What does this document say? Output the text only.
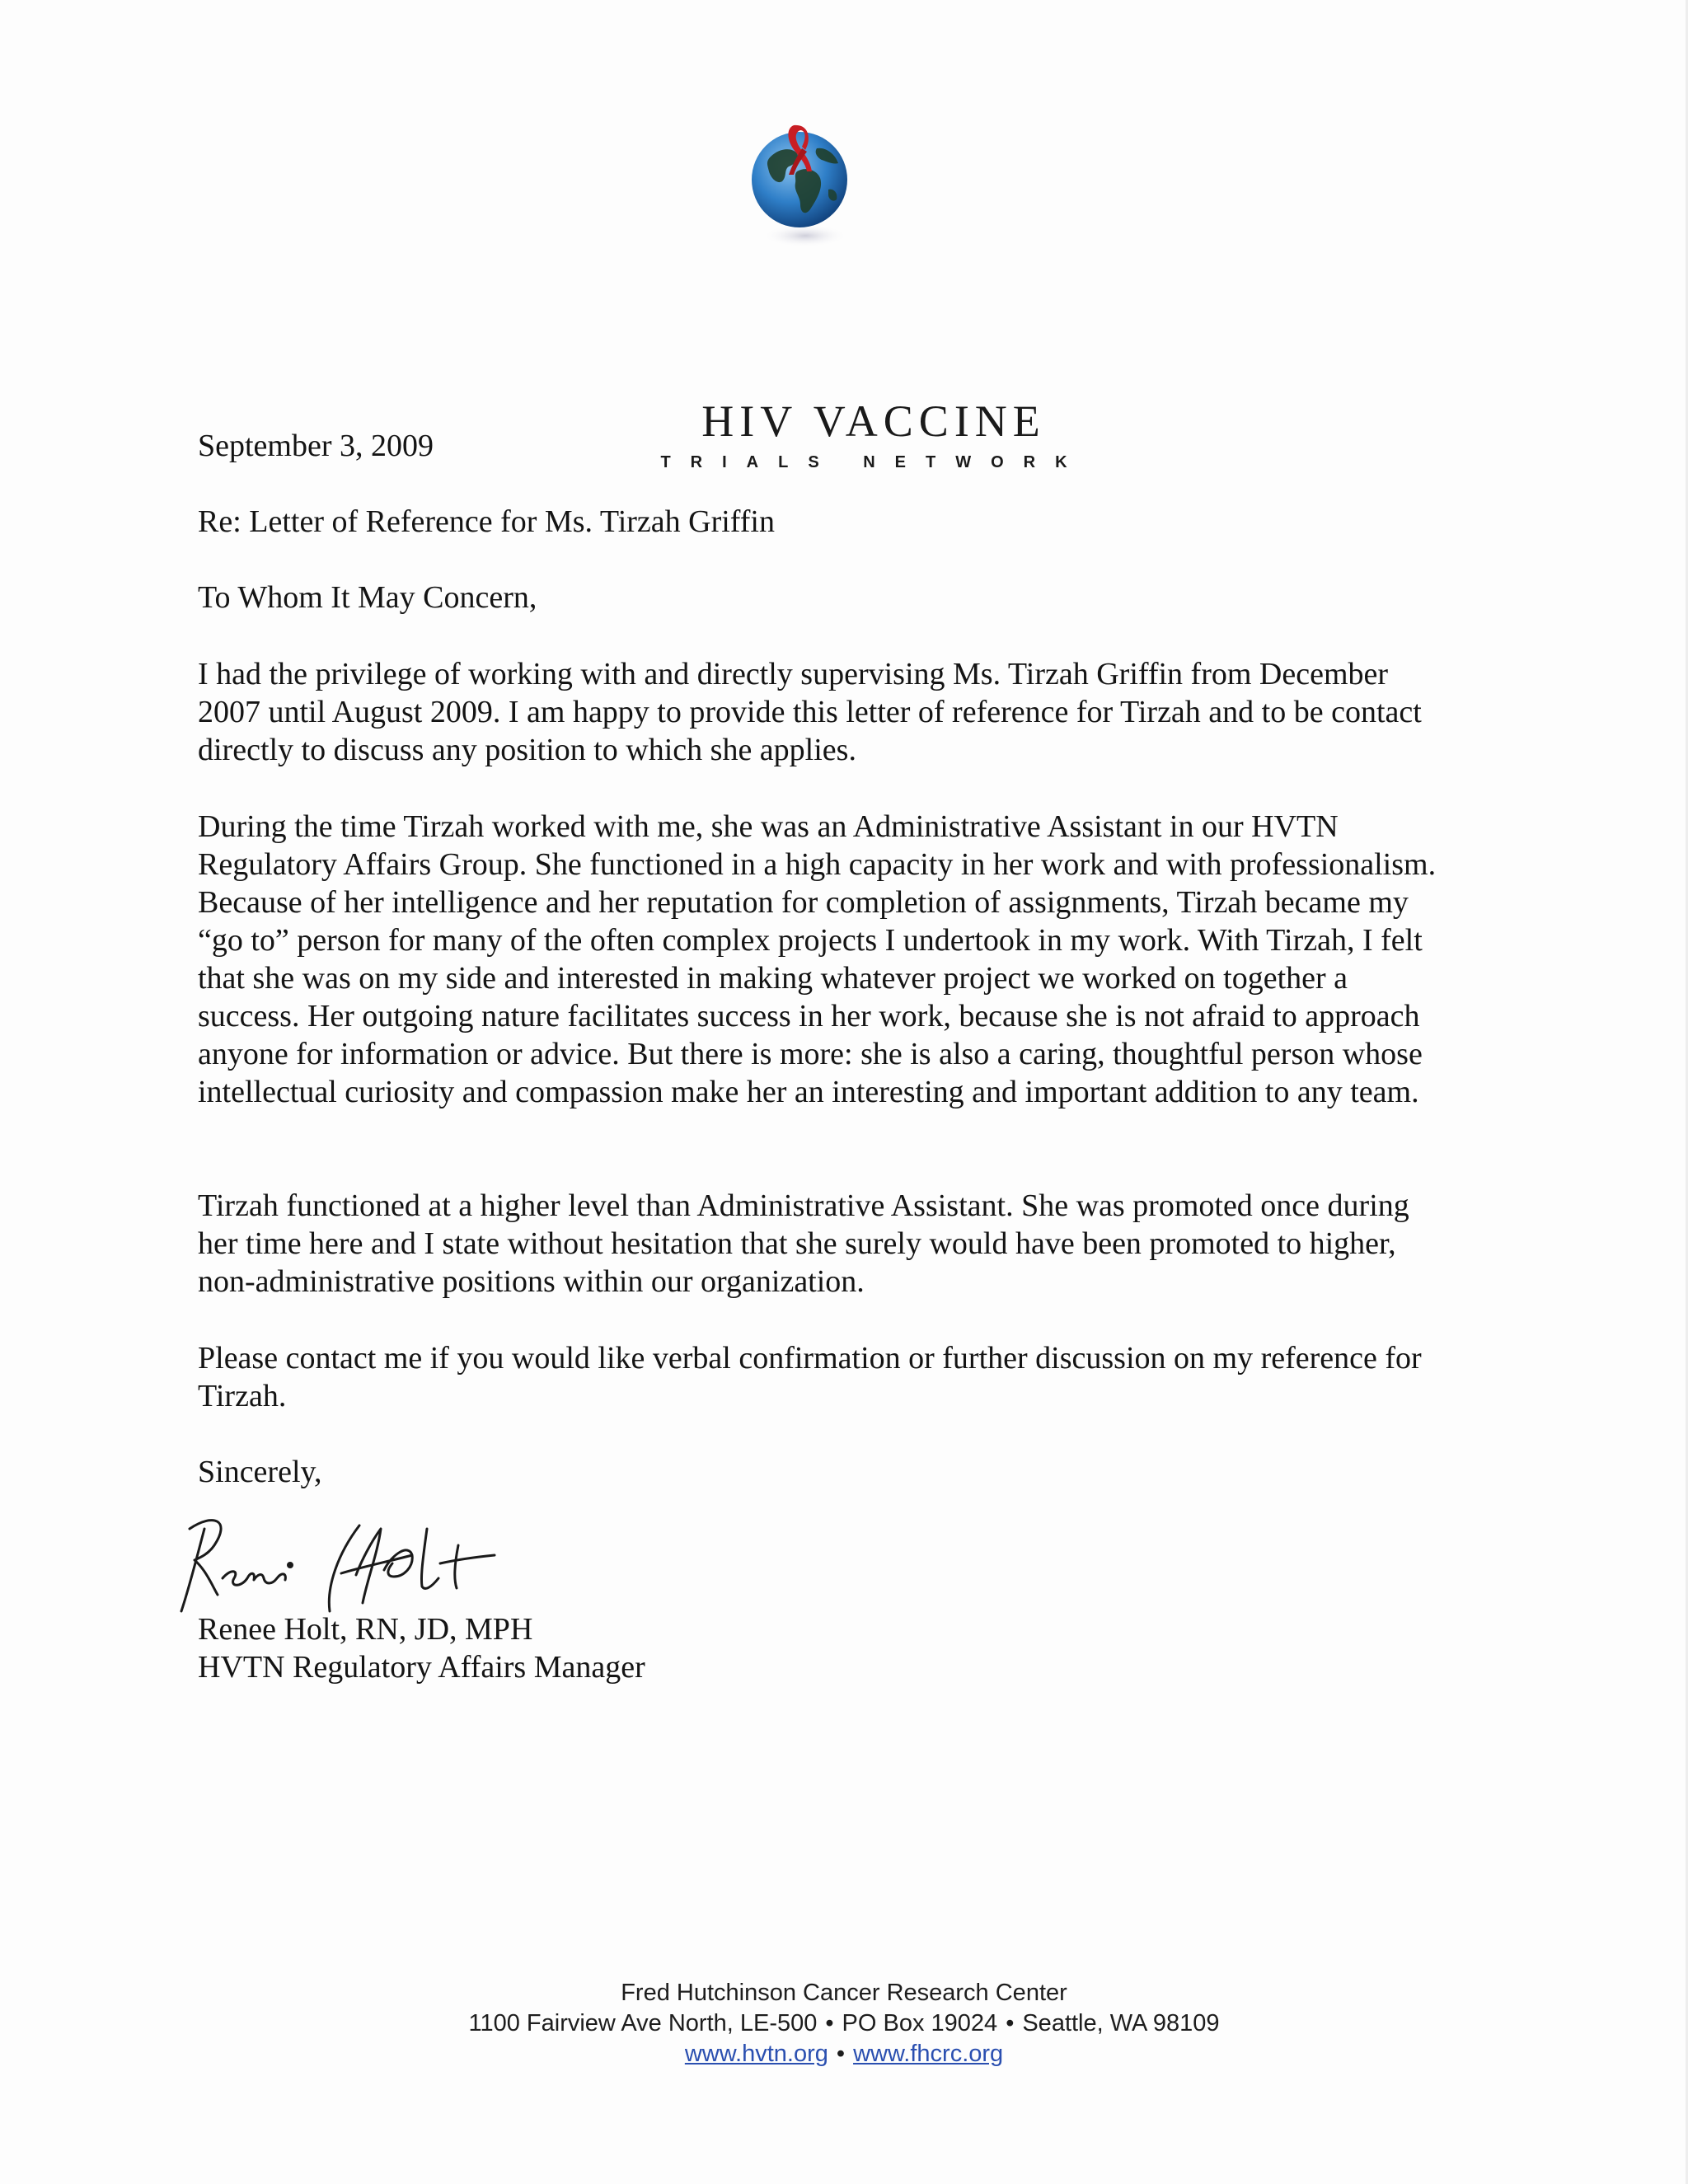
HIV VACCINE
TRIALS NETWORK

September 3, 2009

Re: Letter of Reference for Ms. Tirzah Griffin

To Whom It May Concern,

I had the privilege of working with and directly supervising Ms. Tirzah Griffin from December 2007 until August 2009. I am happy to provide this letter of reference for Tirzah and to be contact directly to discuss any position to which she applies.

During the time Tirzah worked with me, she was an Administrative Assistant in our HVTN Regulatory Affairs Group. She functioned in a high capacity in her work and with professionalism. Because of her intelligence and her reputation for completion of assignments, Tirzah became my “go to” person for many of the often complex projects I undertook in my work. With Tirzah, I felt that she was on my side and interested in making whatever project we worked on together a success. Her outgoing nature facilitates success in her work, because she is not afraid to approach anyone for information or advice. But there is more: she is also a caring, thoughtful person whose intellectual curiosity and compassion make her an interesting and important addition to any team.

Tirzah functioned at a higher level than Administrative Assistant. She was promoted once during her time here and I state without hesitation that she surely would have been promoted to higher, non-administrative positions within our organization.

Please contact me if you would like verbal confirmation or further discussion on my reference for Tirzah.

Sincerely,

Renee Holt, RN, JD, MPH

HVTN Regulatory Affairs Manager

Fred Hutchinson Cancer Research Center
1100 Fairview Ave North, LE-500 • PO Box 19024 • Seattle, WA 98109
www.hvtn.org • www.fhcrc.org
